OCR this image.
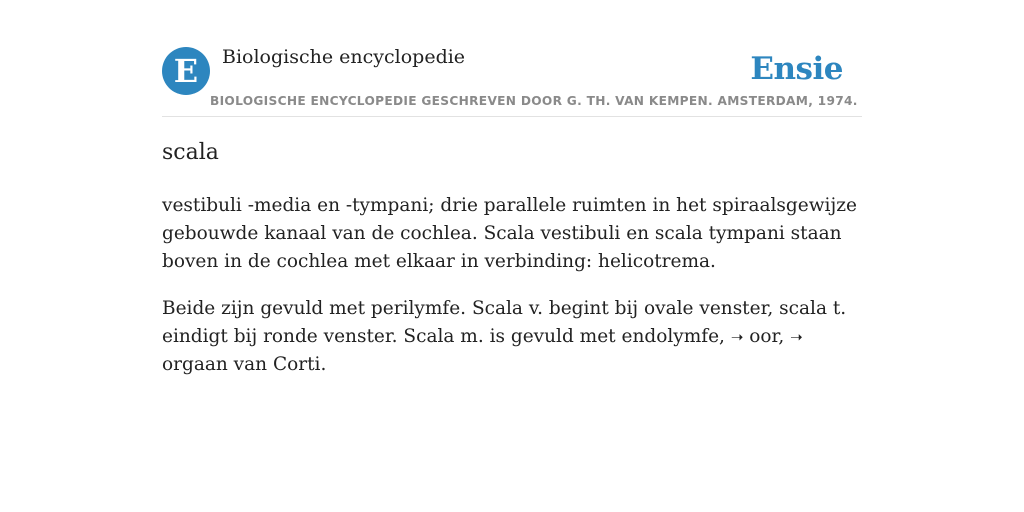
E Biologische encyclopedie	Ensie
BIOLOGISCHE ENCYCLOPEDIE GESCHREVEN DOOR G. TH. VAN KEMPEN. AMSTERDAM, 1974.
scala

vestibuli -media en -tympani; drie parallele ruimten in het spiraalsgewijze gebouwde kanaal van de cochlea. Scala vestibuli en scala tympani staan boven in de cochlea met elkaar in verbinding: helicotrema.

Beide zijn gevuld met perilymfe. Scala v. begint bij ovale venster, scala t. eindigt bij ronde venster. Scala m. is gevuld met endolymfe, ➝ oor, ➝ orgaan van Corti.
